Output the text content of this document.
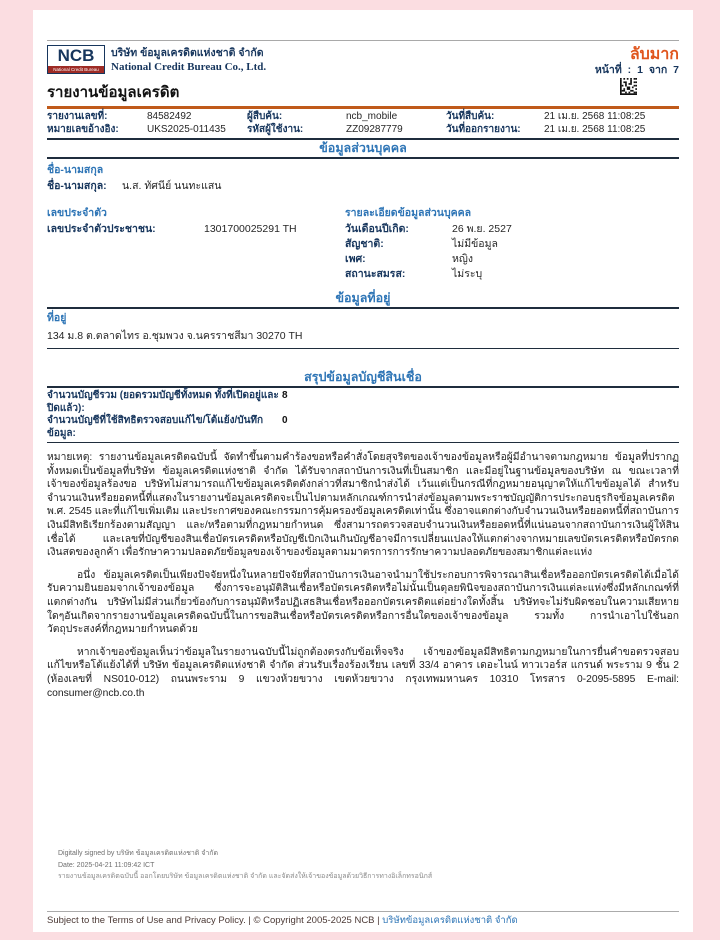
NCB
National Credit Bureau
บริษัท ข้อมูลเครดิตแห่งชาติ จำกัด
National Credit Bureau Co., Ltd.
ลับมาก
หน้าที่ : 1 จาก 7
รายงานข้อมูลเครดิต
รายงานเลขที่:	84582492	ผู้สืบค้น:	ncb_mobile	วันที่สืบค้น:	21 เม.ย. 2568 11:08:25
หมายเลขอ้างอิง:	UKS2025-011435	รหัสผู้ใช้งาน:	ZZ09287779	วันที่ออกรายงาน:	21 เม.ย. 2568 11:08:25
ข้อมูลส่วนบุคคล
ชื่อ-นามสกุล
ชื่อ-นามสกุล:	น.ส. ทัศนีย์ นนทะแสน
เลขประจำตัว
เลขประจำตัวประชาชน:	1301700025291 TH
รายละเอียดข้อมูลส่วนบุคคล
วันเดือนปีเกิด:	26 พ.ย. 2527
สัญชาติ:	ไม่มีข้อมูล
เพศ:	หญิง
สถานะสมรส:	ไม่ระบุ
ข้อมูลที่อยู่
ที่อยู่
134 ม.8 ต.ตลาดไทร อ.ชุมพวง จ.นครราชสีมา 30270 TH
สรุปข้อมูลบัญชีสินเชื่อ
จำนวนบัญชีรวม (ยอดรวมบัญชีทั้งหมด ทั้งที่เปิดอยู่และปิดแล้ว):
8
จำนวนบัญชีที่ใช้สิทธิตรวจสอบแก้ไข/โต้แย้ง/บันทึกข้อมูล:
0
หมายเหตุ: รายงานข้อมูลเครดิตฉบับนี้ จัดทำขึ้นตามคำร้องขอหรือคำสั่งโดยสุจริตของเจ้าของข้อมูลหรือผู้มีอำนาจตามกฎหมาย ข้อมูลที่ปรากฏทั้งหมดเป็นข้อมูลที่บริษัท ข้อมูลเครดิตแห่งชาติ จำกัด ได้รับจากสถาบันการเงินที่เป็นสมาชิก และมีอยู่ในฐานข้อมูลของบริษัท ณ ขณะเวลาที่เจ้าของข้อมูลร้องขอ บริษัทไม่สามารถแก้ไขข้อมูลเครดิตดังกล่าวที่สมาชิกนำส่งได้ เว้นแต่เป็นกรณีที่กฎหมายอนุญาตให้แก้ไขข้อมูลได้ สำหรับจำนวนเงินหรือยอดหนี้ที่แสดงในรายงานข้อมูลเครดิตจะเป็นไปตามหลักเกณฑ์การนำส่งข้อมูลตามพระราชบัญญัติการประกอบธุรกิจข้อมูลเครดิต พ.ศ. 2545 และที่แก้ไขเพิ่มเติม และประกาศของคณะกรรมการคุ้มครองข้อมูลเครดิตเท่านั้น ซึ่งอาจแตกต่างกับจำนวนเงินหรือยอดหนี้ที่สถาบันการเงินมีสิทธิเรียกร้องตามสัญญา และ/หรือตามที่กฎหมายกำหนด ซึ่งสามารถตรวจสอบจำนวนเงินหรือยอดหนี้ที่แน่นอนจากสถาบันการเงินผู้ให้สินเชื่อได้ และเลขที่บัญชีของสินเชื่อบัตรเครดิตหรือบัญชีเบิกเงินเกินบัญชีอาจมีการเปลี่ยนแปลงให้แตกต่างจากหมายเลขบัตรเครดิตหรือบัตรกดเงินสดของลูกค้า เพื่อรักษาความปลอดภัยข้อมูลของเจ้าของข้อมูลตามมาตรการการรักษาความปลอดภัยของสมาชิกแต่ละแห่ง
อนึ่ง ข้อมูลเครดิตเป็นเพียงปัจจัยหนึ่งในหลายปัจจัยที่สถาบันการเงินอาจนำมาใช้ประกอบการพิจารณาสินเชื่อหรือออกบัตรเครดิตได้เมื่อได้รับความยินยอมจากเจ้าของข้อมูล ซึ่งการจะอนุมัติสินเชื่อหรือบัตรเครดิตหรือไม่นั้นเป็นดุลยพินิจของสถาบันการเงินแต่ละแห่งซึ่งมีหลักเกณฑ์ที่แตกต่างกัน บริษัทไม่มีส่วนเกี่ยวข้องกับการอนุมัติหรือปฏิเสธสินเชื่อหรือออกบัตรเครดิตแต่อย่างใดทั้งสิ้น บริษัทจะไม่รับผิดชอบในความเสียหายใดๆอันเกิดจากรายงานข้อมูลเครดิตฉบับนี้ในการขอสินเชื่อหรือบัตรเครดิตหรือการอื่นใดของเจ้าของข้อมูล รวมทั้ง การนำเอาไปใช้นอกวัตถุประสงค์ที่กฎหมายกำหนดด้วย
หากเจ้าของข้อมูลเห็นว่าข้อมูลในรายงานฉบับนี้ไม่ถูกต้องตรงกับข้อเท็จจริง เจ้าของข้อมูลมีสิทธิตามกฎหมายในการยื่นคำขอตรวจสอบ แก้ไขหรือโต้แย้งได้ที่ บริษัท ข้อมูลเครดิตแห่งชาติ จำกัด ส่วนรับเรื่องร้องเรียน เลขที่ 33/4 อาคาร เดอะไนน์ ทาวเวอร์ส แกรนด์ พระราม 9 ชั้น 2 (ห้องเลขที่ NS010-012) ถนนพระราม 9 แขวงห้วยขวาง เขตห้วยขวาง กรุงเทพมหานคร 10310 โทรสาร 0-2095-5895 E-mail: consumer@ncb.co.th
Digitally signed by บริษัท ข้อมูลเครดิตแห่งชาติ จำกัด
Date: 2025-04-21 11:09:42 ICT
รายงานข้อมูลเครดิตฉบับนี้ ออกโดยบริษัท ข้อมูลเครดิตแห่งชาติ จำกัด และจัดส่งให้เจ้าของข้อมูลด้วยวิธีการทางอิเล็กทรอนิกส์
Subject to the Terms of Use and Privacy Policy. | © Copyright 2005-2025 NCB | บริษัทข้อมูลเครดิตแห่งชาติ จำกัด
